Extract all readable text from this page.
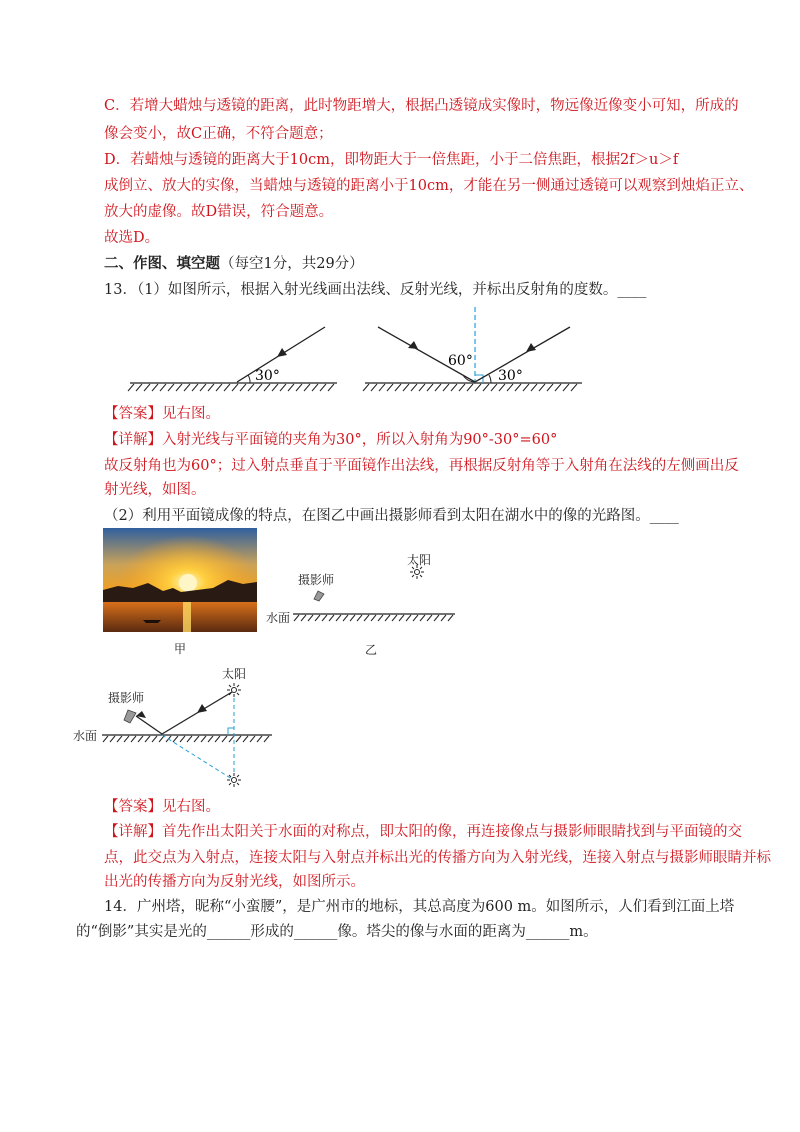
C．若增大蜡烛与透镜的距离，此时物距增大，根据凸透镜成实像时，物远像近像变小可知，所成的
像会变小，故C正确，不符合题意；
D．若蜡烛与透镜的距离大于10cm，即物距大于一倍焦距，小于二倍焦距，根据2f＞u＞f
成倒立、放大的实像，当蜡烛与透镜的距离小于10cm，才能在另一侧通过透镜可以观察到烛焰正立、
放大的虚像。故D错误，符合题意。
故选D。
二、作图、填空题（每空1分，共29分）
13．（1）如图所示，根据入射光线画出法线、反射光线，并标出反射角的度数。____
30°
60°
30°
【答案】见右图。
【详解】入射光线与平面镜的夹角为30°，所以入射角为90°-30°=60°
故反射角也为60°；过入射点垂直于平面镜作出法线，再根据反射角等于入射角在法线的左侧画出反
射光线，如图。
（2）利用平面镜成像的特点，在图乙中画出摄影师看到太阳在湖水中的像的光路图。____
甲
太阳
摄影师
水面
乙
太阳
摄影师
水面
【答案】见右图。
【详解】首先作出太阳关于水面的对称点，即太阳的像，再连接像点与摄影师眼睛找到与平面镜的交
点，此交点为入射点，连接太阳与入射点并标出光的传播方向为入射光线，连接入射点与摄影师眼睛并标
出光的传播方向为反射光线，如图所示。
14．广州塔，昵称“小蛮腰”，是广州市的地标，其总高度为600 m。如图所示，人们看到江面上塔
的“倒影”其实是光的______形成的______像。塔尖的像与水面的距离为______m。
